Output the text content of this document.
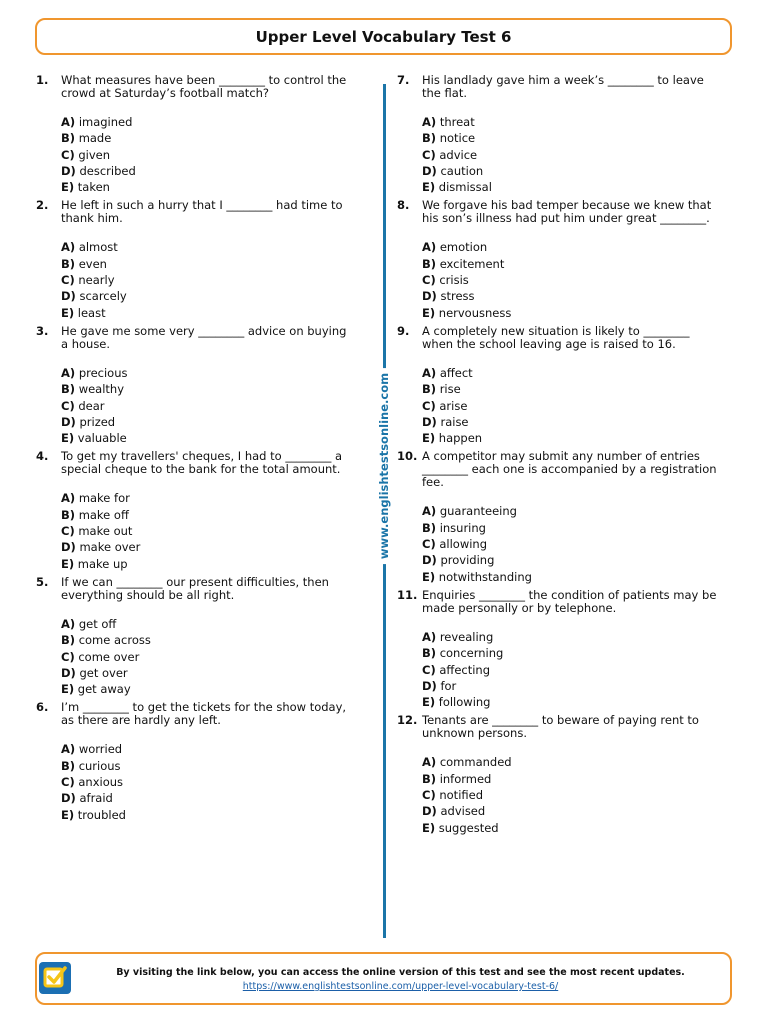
Upper Level Vocabulary Test 6
1.	What measures have been ________ to control the crowd at Saturday’s football match?
A) imagined
B) made
C) given
D) described
E) taken
2.	He left in such a hurry that I ________ had time to thank him.
A) almost
B) even
C) nearly
D) scarcely
E) least
3.	He gave me some very ________ advice on buying a house.
A) precious
B) wealthy
C) dear
D) prized
E) valuable
4.	To get my travellers' cheques, I had to ________ a special cheque to the bank for the total amount.
A) make for
B) make off
C) make out
D) make over
E) make up
5.	If we can ________ our present difficulties, then everything should be all right.
A) get off
B) come across
C) come over
D) get over
E) get away
6.	I’m ________ to get the tickets for the show today, as there are hardly any left.
A) worried
B) curious
C) anxious
D) afraid
E) troubled
www.englishtestsonline.com
7.	His landlady gave him a week’s ________ to leave the flat.
A) threat
B) notice
C) advice
D) caution
E) dismissal
8.	We forgave his bad temper because we knew that his son’s illness had put him under great ________.
A) emotion
B) excitement
C) crisis
D) stress
E) nervousness
9.	A completely new situation is likely to ________ when the school leaving age is raised to 16.
A) affect
B) rise
C) arise
D) raise
E) happen
10. A competitor may submit any number of entries ________ each one is accompanied by a registration fee.
A) guaranteeing
B) insuring
C) allowing
D) providing
E) notwithstanding
11. Enquiries ________ the condition of patients may be made personally or by telephone.
A) revealing
B) concerning
C) affecting
D) for
E) following
12. Tenants are ________ to beware of paying rent to unknown persons.
A) commanded
B) informed
C) notified
D) advised
E) suggested
By visiting the link below, you can access the online version of this test and see the most recent updates.
https://www.englishtestsonline.com/upper-level-vocabulary-test-6/
